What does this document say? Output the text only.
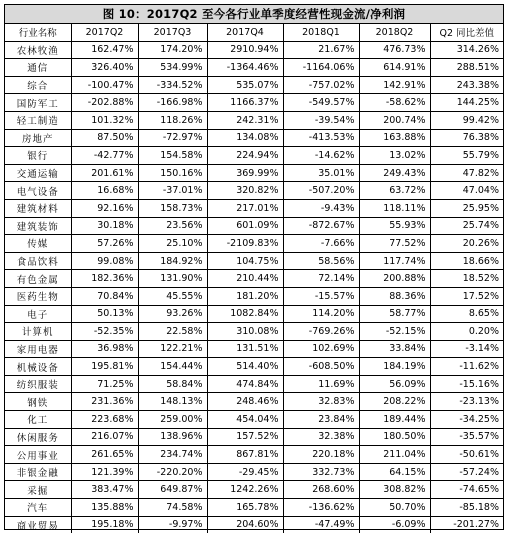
图 10：2017Q2 至今各行业单季度经营性现金流/净利润
行业名称	2017Q2	2017Q3	2017Q4	2018Q1	2018Q2	Q2 同比差值
农林牧渔	162.47%	174.20%	2910.94%	21.67%	476.73%	314.26%
通信	326.40%	534.99%	-1364.46%	-1164.06%	614.91%	288.51%
综合	-100.47%	-334.52%	535.07%	-757.02%	142.91%	243.38%
国防军工	-202.88%	-166.98%	1166.37%	-549.57%	-58.62%	144.25%
轻工制造	101.32%	118.26%	242.31%	-39.54%	200.74%	99.42%
房地产	87.50%	-72.97%	134.08%	-413.53%	163.88%	76.38%
银行	-42.77%	154.58%	224.94%	-14.62%	13.02%	55.79%
交通运输	201.61%	150.16%	369.99%	35.01%	249.43%	47.82%
电气设备	16.68%	-37.01%	320.82%	-507.20%	63.72%	47.04%
建筑材料	92.16%	158.73%	217.01%	-9.43%	118.11%	25.95%
建筑装饰	30.18%	23.56%	601.09%	-872.67%	55.93%	25.74%
传媒	57.26%	25.10%	-2109.83%	-7.66%	77.52%	20.26%
食品饮料	99.08%	184.92%	104.75%	58.56%	117.74%	18.66%
有色金属	182.36%	131.90%	210.44%	72.14%	200.88%	18.52%
医药生物	70.84%	45.55%	181.20%	-15.57%	88.36%	17.52%
电子	50.13%	93.26%	1082.84%	114.20%	58.77%	8.65%
计算机	-52.35%	22.58%	310.08%	-769.26%	-52.15%	0.20%
家用电器	36.98%	122.21%	131.51%	102.69%	33.84%	-3.14%
机械设备	195.81%	154.44%	514.40%	-608.50%	184.19%	-11.62%
纺织服装	71.25%	58.84%	474.84%	11.69%	56.09%	-15.16%
钢铁	231.36%	148.13%	248.46%	32.83%	208.22%	-23.13%
化工	223.68%	259.00%	454.04%	23.84%	189.44%	-34.25%
休闲服务	216.07%	138.96%	157.52%	32.38%	180.50%	-35.57%
公用事业	261.65%	234.74%	867.81%	220.18%	211.04%	-50.61%
非银金融	121.39%	-220.20%	-29.45%	332.73%	64.15%	-57.24%
采掘	383.47%	649.87%	1242.26%	268.60%	308.82%	-74.65%
汽车	135.88%	74.58%	165.78%	-136.62%	50.70%	-85.18%
商业贸易	195.18%	-9.97%	204.60%	-47.49%	-6.09%	-201.27%
